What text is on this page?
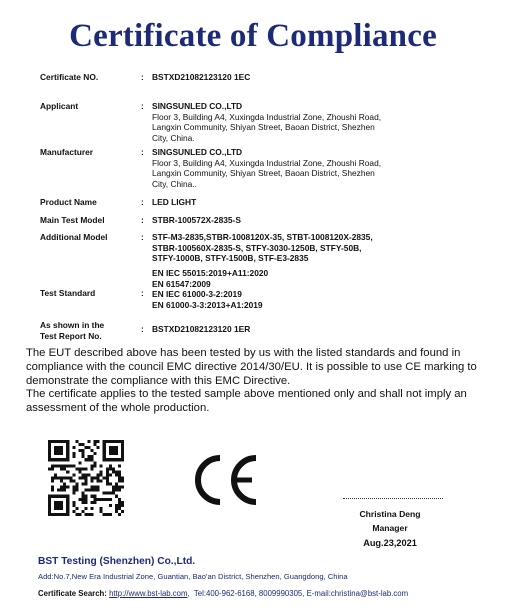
Certificate of Compliance
Certificate NO.	: BSTXD21082123120 1EC
Applicant	: SINGSUNLED CO.,LTD
Floor 3, Building A4, Xuxingda Industrial Zone, Zhoushi Road,
Langxin Community, Shiyan Street, Baoan District, Shezhen
City, China.
Manufacturer	: SINGSUNLED CO.,LTD
Floor 3, Building A4, Xuxingda Industrial Zone, Zhoushi Road,
Langxin Community, Shiyan Street, Baoan District, Shezhen
City, China..
Product Name	: LED LIGHT
Main Test Model	: STBR-100572X-2835-S
Additional Model	: STF-M3-2835,STBR-1008120X-35, STBT-1008120X-2835,
STBR-100560X-2835-S, STFY-3030-1250B, STFY-50B,
STFY-1000B, STFY-1500B, STF-E3-2835
Test Standard	:
EN IEC 55015:2019+A11:2020
EN 61547:2009
EN IEC 61000-3-2:2019
EN 61000-3-3:2013+A1:2019
As shown in the
Test Report No.
: BSTXD21082123120 1ER

The EUT described above has been tested by us with the listed standards and found in compliance with the council EMC directive 2014/30/EU. It is possible to use CE marking to demonstrate the compliance with this EMC Directive.

The certificate applies to the tested sample above mentioned only and shall not imply an assessment of the whole production.

Christina Deng
Manager
Aug.23,2021
BST Testing (Shenzhen) Co.,Ltd.
Add:No.7,New Era Industrial Zone, Guantian, Bao'an District, Shenzhen, Guangdong, China
Certificate Search: http://www.bst-lab.com,  Tel:400-962-6168, 8009990305, E-mail:christina@bst-lab.com
